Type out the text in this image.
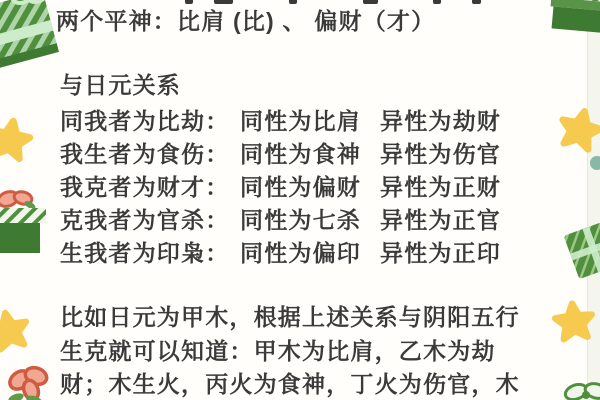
两个平神：比肩 (比) 、 偏财（才）
与日元关系
同我者为比劫： 同性为比肩 异性为劫财
我生者为食伤： 同性为食神 异性为伤官
我克者为财才： 同性为偏财 异性为正财
克我者为官杀： 同性为七杀 异性为正官
生我者为印枭： 同性为偏印 异性为正印
比如日元为甲木，根据上述关系与阴阳五行
生克就可以知道：甲木为比肩，乙木为劫
财；木生火，丙火为食神，丁火为伤官，木
